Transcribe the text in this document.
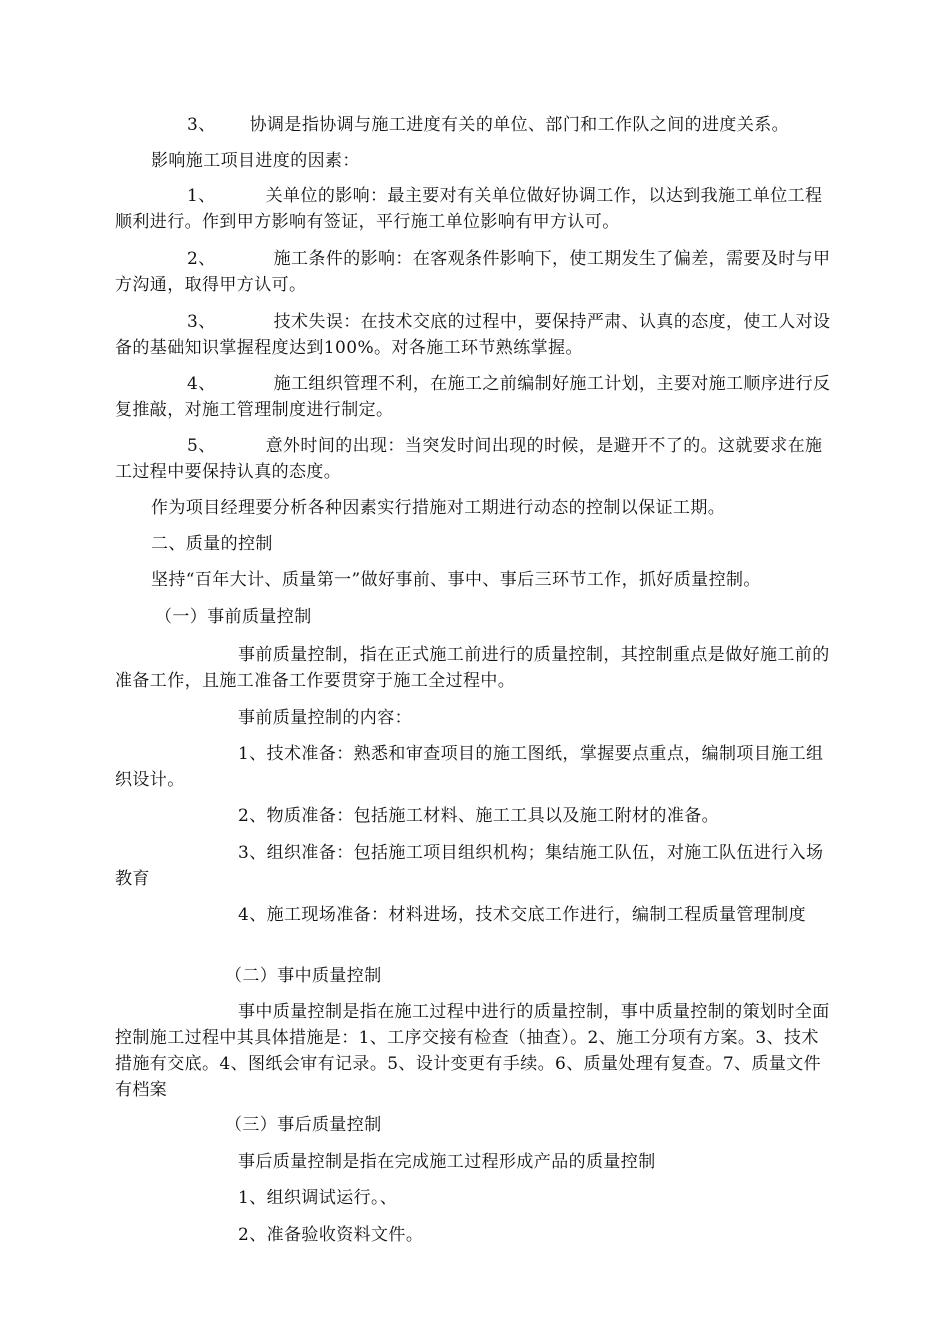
3、 协调是指协调与施工进度有关的单位、部门和工作队之间的进度关系。

影响施工项目进度的因素：

1、	关单位的影响：最主要对有关单位做好协调工作，以达到我施工单位工程顺利进行。作到甲方影响有签证，平行施工单位影响有甲方认可。

2、	施工条件的影响：在客观条件影响下，使工期发生了偏差，需要及时与甲方沟通，取得甲方认可。

3、	技术失误：在技术交底的过程中，要保持严肃、认真的态度，使工人对设备的基础知识掌握程度达到100%。对各施工环节熟练掌握。

4、	施工组织管理不利，在施工之前编制好施工计划，主要对施工顺序进行反复推敲，对施工管理制度进行制定。

5、	意外时间的出现：当突发时间出现的时候，是避开不了的。这就要求在施工过程中要保持认真的态度。

作为项目经理要分析各种因素实行措施对工期进行动态的控制以保证工期。

二、质量的控制

坚持“百年大计、质量第一”做好事前、事中、事后三环节工作，抓好质量控制。

（一）事前质量控制

事前质量控制，指在正式施工前进行的质量控制，其控制重点是做好施工前的准备工作，且施工准备工作要贯穿于施工全过程中。

事前质量控制的内容：

1、技术准备：熟悉和审查项目的施工图纸，掌握要点重点，编制项目施工组织设计。

2、物质准备：包括施工材料、施工工具以及施工附材的准备。

3、组织准备：包括施工项目组织机构；集结施工队伍，对施工队伍进行入场教育

4、施工现场准备：材料进场，技术交底工作进行，编制工程质量管理制度

（二）事中质量控制

事中质量控制是指在施工过程中进行的质量控制，事中质量控制的策划时全面控制施工过程中其具体措施是：1、工序交接有检查（抽查）。2、施工分项有方案。3、技术措施有交底。4、图纸会审有记录。5、设计变更有手续。6、质量处理有复查。7、质量文件有档案

（三）事后质量控制

事后质量控制是指在完成施工过程形成产品的质量控制

1、组织调试运行。、

2、准备验收资料文件。
